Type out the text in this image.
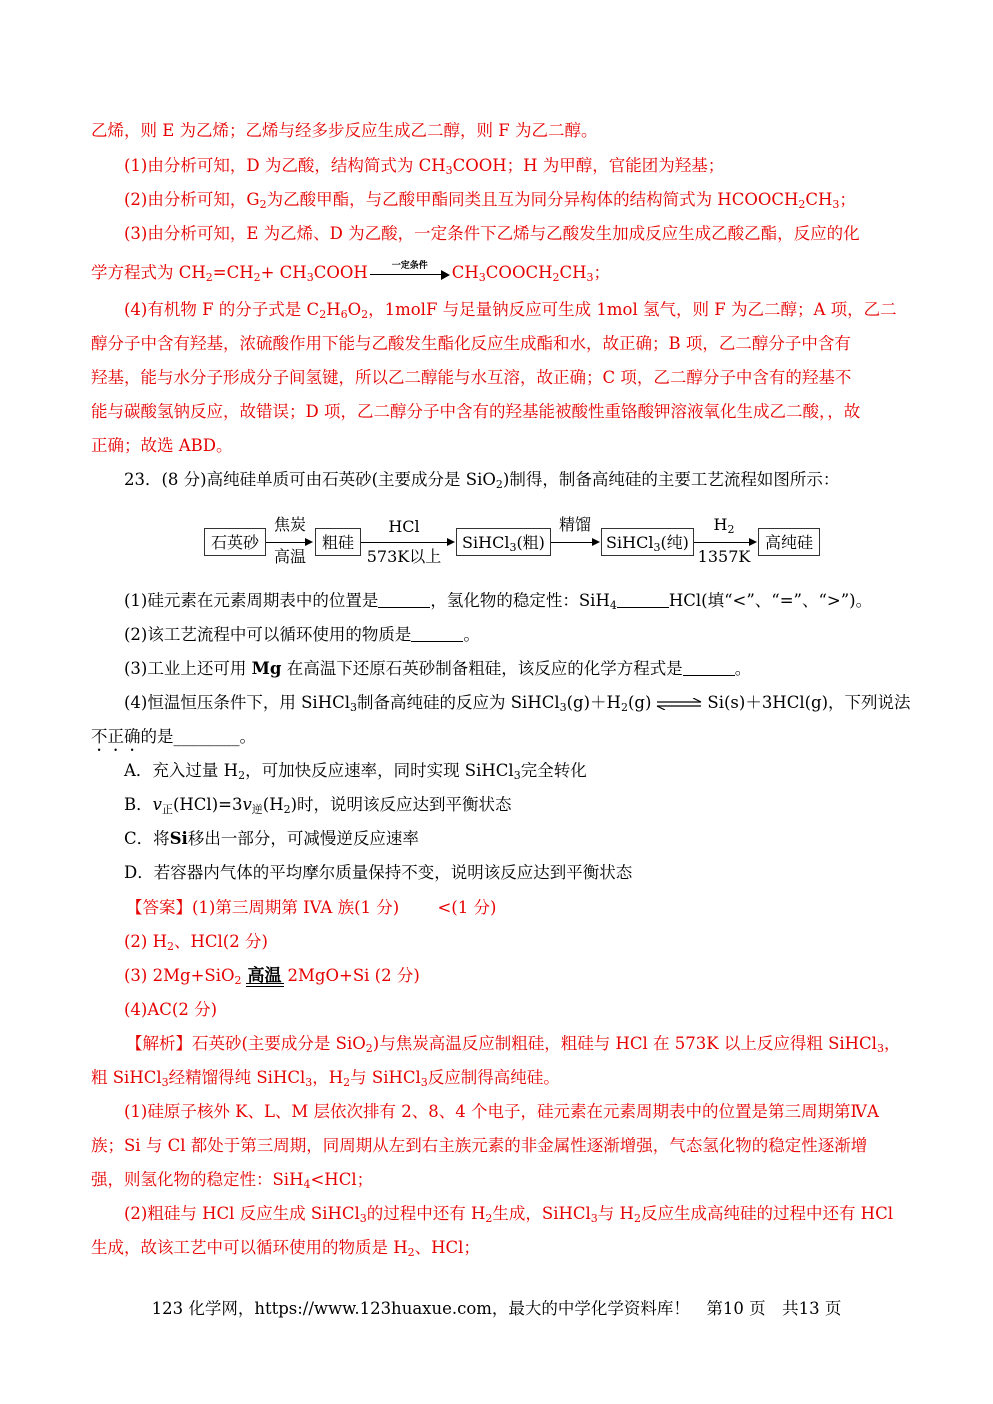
乙烯，则 E 为乙烯；乙烯与经多步反应生成乙二醇，则 F 为乙二醇。
(1)由分析可知，D 为乙酸，结构简式为 $CH_3COOH$；H 为甲醇，官能团为羟基；
(2)由分析可知，$G_2$为乙酸甲酯，与乙酸甲酯同类且互为同分异构体的结构简式为 $HCOOCH_2CH_3$；
(3)由分析可知，E 为乙烯、D 为乙酸，一定条件下乙烯与乙酸发生加成反应生成乙酸乙酯，反应的化
学方程式为 $CH_2=CH_2+$ $CH_3COOH$	一定条件	$CH_3COOCH_2CH_3$；
(4)有机物 F 的分子式是 $C_2H_6O_2$，1molF 与足量钠反应可生成 1mol 氢气，则 F 为乙二醇；A 项，乙二
醇分子中含有羟基，浓硫酸作用下能与乙酸发生酯化反应生成酯和水，故正确；B 项，乙二醇分子中含有
羟基，能与水分子形成分子间氢键，所以乙二醇能与水互溶，故正确；C 项，乙二醇分子中含有的羟基不
能与碳酸氢钠反应，故错误；D 项，乙二醇分子中含有的羟基能被酸性重铬酸钾溶液氧化生成乙二酸，，故
正确；故选 ABD。
23．(8 分)高纯硅单质可由石英砂(主要成分是 SiO$_2$)制得，制备高纯硅的主要工艺流程如图所示：
石英砂
焦炭
高温
粗硅
HCl
573K以上
SiHCl$_3$(粗)
精馏
SiHCl$_3$(纯)
$H_2$
1357K
高纯硅
(1)硅元素在元素周期表中的位置是	，氢化物的稳定性：SiH$_4$	HCl(填“<”、“=”、“>”)。
(2)该工艺流程中可以循环使用的物质是	。
(3)工业上还可用 Mg 在高温下还原石英砂制备粗硅，该反应的化学方程式是	。
(4)恒温恒压条件下，用 SiHCl$_3$制备高纯硅的反应为 $SiHCl_3(g)+H_2(g)$ ⇌ Si(s)＋3HCl(g)，下列说法
不正确的是________。
A．充入过量 $H_2$，可加快反应速率，同时实现 SiHCl$_3$完全转化
B．$v_正(HCl)=3v_逆(H_2)$时，说明该反应达到平衡状态
C．将Si移出一部分，可减慢逆反应速率
D．若容器内气体的平均摩尔质量保持不变，说明该反应达到平衡状态
【答案】(1)第三周期第 IVA 族(1 分)　　 <(1 分)
(2) $H_2$、HCl(2 分)
(3) 2Mg+SiO$_2$ 高温 2MgO+Si (2 分)
(4)AC(2 分)
【解析】石英砂(主要成分是 SiO$_2$)与焦炭高温反应制粗硅，粗硅与 HCl 在 573K 以上反应得粗 SiHCl$_3$，
粗 SiHCl$_3$经精馏得纯 SiHCl$_3$，$H_2$与 SiHCl$_3$反应制得高纯硅。
(1)硅原子核外 K、L、M 层依次排有 2、8、4 个电子，硅元素在元素周期表中的位置是第三周期第ⅣA
族；Si 与 Cl 都处于第三周期，同周期从左到右主族元素的非金属性逐渐增强，气态氢化物的稳定性逐渐增
强，则氢化物的稳定性：SiH$_4$<HCl；
(2)粗硅与 HCl 反应生成 SiHCl$_3$的过程中还有 $H_2$生成，SiHCl$_3$与 $H_2$反应生成高纯硅的过程中还有 HCl
生成，故该工艺中可以循环使用的物质是 $H_2$、HCl；
123 化学网，https://www.123huaxue.com，最大的中学化学资料库！　第10 页　共13 页
